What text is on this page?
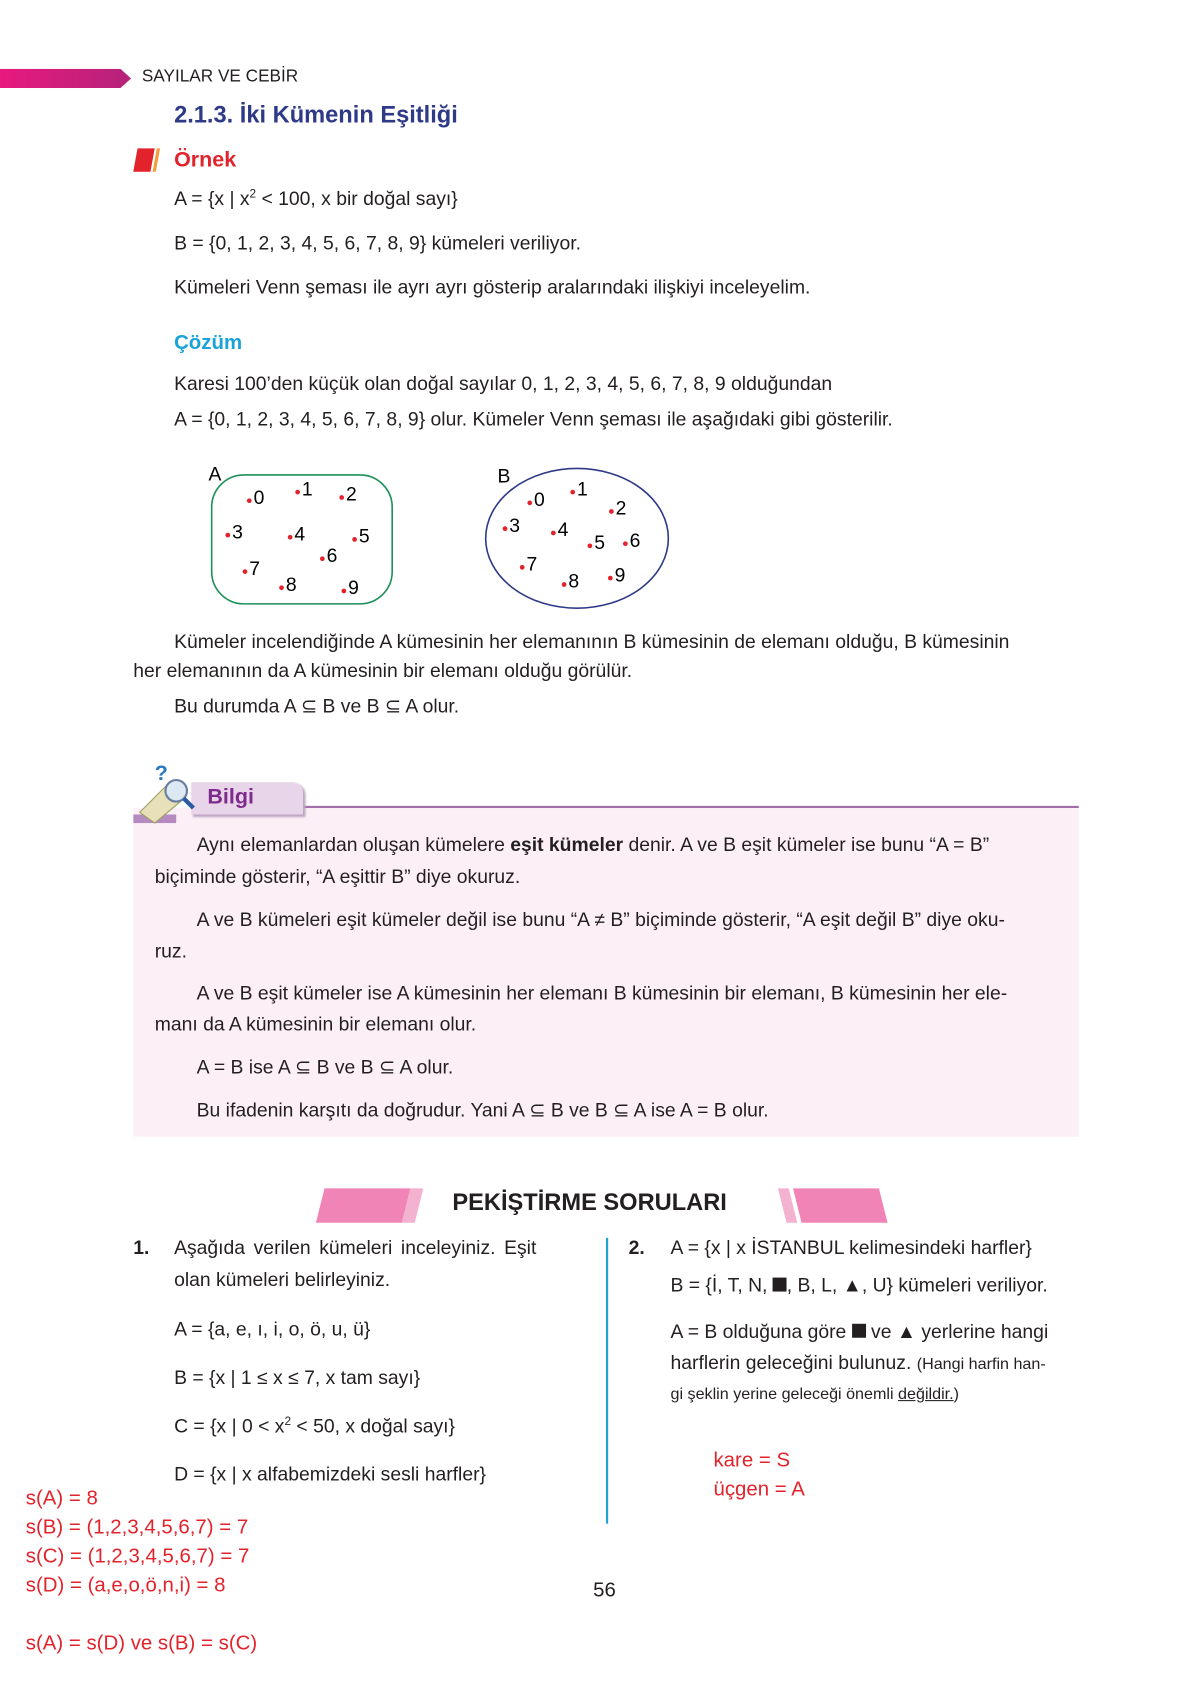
SAYILAR VE CEBİR
2.1.3. İki Kümenin Eşitliği
Örnek
A = {x | $x^2 < 100$, x bir doğal sayı}
B = {0, 1, 2, 3, 4, 5, 6, 7, 8, 9} kümeleri veriliyor.
Kümeleri Venn şeması ile ayrı ayrı gösterip aralarındaki ilişkiyi inceleyelim.
Çözüm
Karesi 100’den küçük olan doğal sayılar 0, 1, 2, 3, 4, 5, 6, 7, 8, 9 olduğundan
A = {0, 1, 2, 3, 4, 5, 6, 7, 8, 9} olur. Kümeler Venn şeması ile aşağıdaki gibi gösterilir.
A	B
0 1 2
3	4	5
6
7
8	9
0 1
2
3 4
5 6
7
8 9
Kümeler incelendiğinde A kümesinin her elemanının B kümesinin de elemanı olduğu, B kümesinin
her elemanının da A kümesinin bir elemanı olduğu görülür.
Bu durumda A ⊆ B ve B ⊆ A olur.
?
Bilgi
Aynı elemanlardan oluşan kümelere eşit kümeler denir. A ve B eşit kümeler ise bunu “A = B”
biçiminde gösterir, “A eşittir B” diye okuruz.
A ve B kümeleri eşit kümeler değil ise bunu “A ≠ B” biçiminde gösterir, “A eşit değil B” diye oku-
ruz.
A ve B eşit kümeler ise A kümesinin her elemanı B kümesinin bir elemanı, B kümesinin her ele-
manı da A kümesinin bir elemanı olur.
A = B ise A ⊆ B ve B ⊆ A olur.
Bu ifadenin karşıtı da doğrudur. Yani A ⊆ B ve B ⊆ A ise A = B olur.
PEKİŞTİRME SORULARI
1. Aşağıda verilen kümeleri inceleyiniz. Eşit
olan kümeleri belirleyiniz.
A = {a, e, ı, i, o, ö, u, ü}
B = {x | 1 ≤ x ≤ 7, x tam sayı}
C = {x | $0 < x^2 < 50$, x doğal sayı}
D = {x | x alfabemizdeki sesli harfler}
2. A = {x | x İSTANBUL kelimesindeki harfler}
B = {İ, T, N, , B, L, ▲, U} kümeleri veriliyor.
A = B olduğuna göre  ve ▲ yerlerine hangi
harflerin geleceğini bulunuz. (Hangi harfin han-
gi şeklin yerine geleceği önemli değildir.)
kare = S
üçgen = A
s(A) = 8
s(B) = (1,2,3,4,5,6,7) = 7
s(C) = (1,2,3,4,5,6,7) = 7
s(D) = (a,e,o,ö,n,i) = 8
s(A) = s(D) ve s(B) = s(C)
56
